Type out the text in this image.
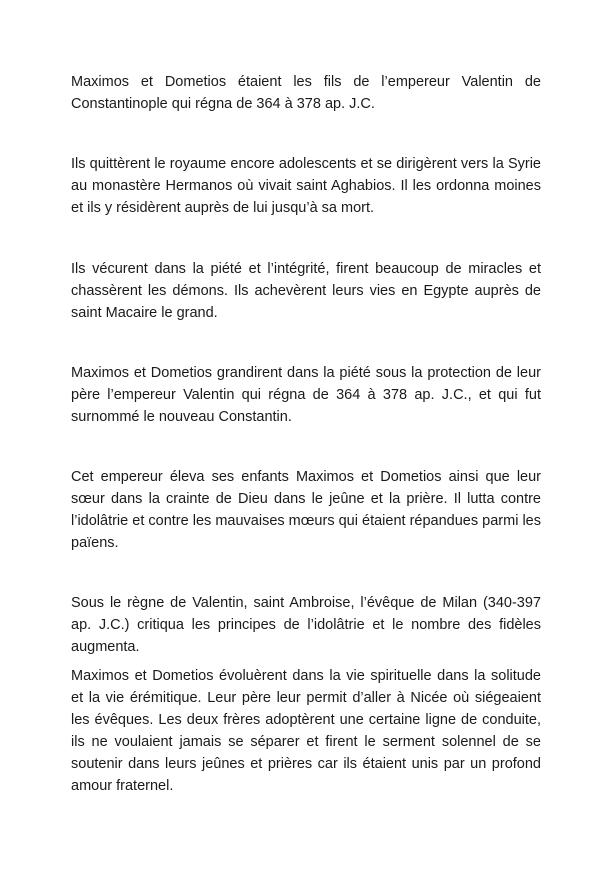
Maximos et Dometios étaient les fils de l’empereur Valentin de Constantinople qui régna de 364 à 378 ap. J.C.

Ils quittèrent le royaume encore adolescents et se dirigèrent vers la Syrie au monastère Hermanos où vivait saint Aghabios. Il les ordonna moines et ils y résidèrent auprès de lui jusqu’à sa mort.

Ils vécurent dans la piété et l’intégrité, firent beaucoup de miracles et chassèrent les démons. Ils achevèrent leurs vies en Egypte auprès de saint Macaire le grand.

Maximos et Dometios grandirent dans la piété sous la protection de leur père l’empereur Valentin qui régna de 364 à 378 ap. J.C., et qui fut surnommé le nouveau Constantin.

Cet empereur éleva ses enfants Maximos et Dometios ainsi que leur sœur dans la crainte de Dieu dans le jeûne et la prière. Il lutta contre l’idolâtrie et contre les mauvaises mœurs qui étaient répandues parmi les païens.

Sous le règne de Valentin, saint Ambroise, l’évêque de Milan (340-397 ap. J.C.) critiqua les principes de l’idolâtrie et le nombre des fidèles augmenta.

Maximos et Dometios évoluèrent dans la vie spirituelle dans la solitude et la vie érémitique. Leur père leur permit d’aller à Nicée où siégeaient les évêques. Les deux frères adoptèrent une certaine ligne de conduite, ils ne voulaient jamais se séparer et firent le serment solennel de se soutenir dans leurs jeûnes et prières car ils étaient unis par un profond amour fraternel.
